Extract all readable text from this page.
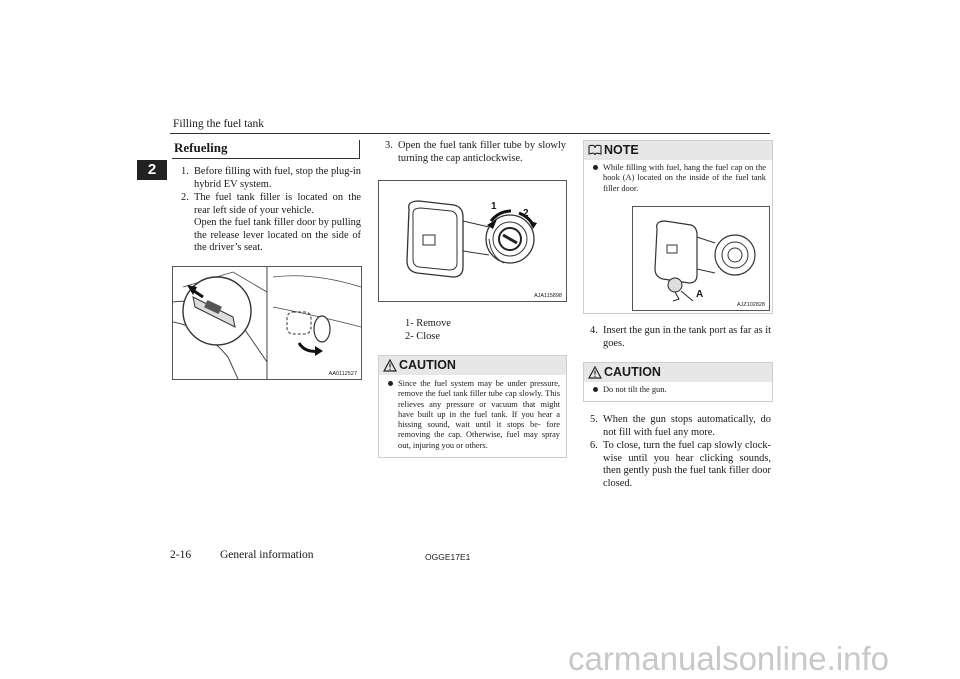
Filling the fuel tank
2
Refueling
1. Before filling with fuel, stop the plug-in hybrid EV system.
2. The fuel tank filler is located on the rear left side of your vehicle.
Open the fuel tank filler door by pulling the release lever located on the side of the driver’s seat.
AA0112527
3. Open the fuel tank filler tube by slowly turning the cap anticlockwise.
1
2
AJA115898
1- Remove
2- Close
CAUTION
Since the fuel system may be under pressure, remove the fuel tank filler tube cap slowly. This relieves any pressure or vacuum that might have built up in the fuel tank. If you hear a hissing sound, wait until it stops be- fore removing the cap. Otherwise, fuel may spray out, injuring you or others.
NOTE
While filling with fuel, hang the fuel cap on the hook (A) located on the inside of the fuel tank filler door.
A
AJZ102828
4. Insert the gun in the tank port as far as it goes.
CAUTION
Do not tilt the gun.
5. When the gun stops automatically, do not fill with fuel any more.
6. To close, turn the fuel cap slowly clock- wise until you hear clicking sounds, then gently push the fuel tank filler door closed.
2-16	General information	OGGE17E1
carmanualsonline.info
